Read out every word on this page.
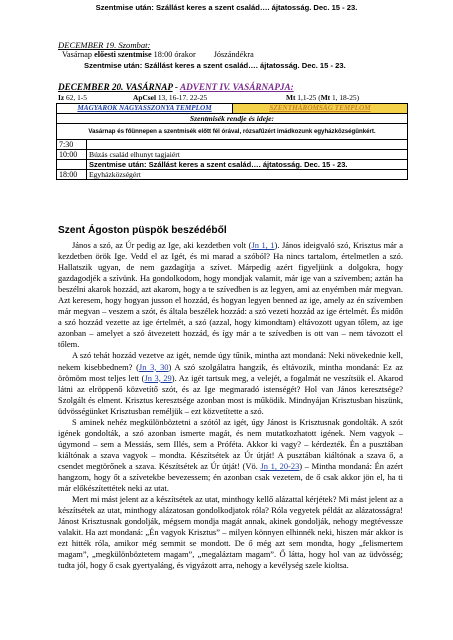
Szentmise után: Szállást keres a szent család…. ájtatosság. Dec. 15 - 23.
DECEMBER 19. Szombat:
Vasárnap előesti szentmise 18:00 órakor Jószándékra
Szentmise után: Szállást keres a szent család…. ájtatosság. Dec. 15 - 23.
DECEMBER 20. VASÁRNAP - ADVENT IV. VASÁRNAPJA:
Iz 62, 1-5	ApCsel 13, 16-17. 22-25	Mt 1,1-25 (Mt 1, 18-25)
MAGYAROK NAGYASSZONYA TEMPLOM		SZENTHÁROMSÁG TEMPLOM
Szentmisék rendje és ideje:		
Vasárnap és főünnepen a szentmisék előtt fél órával, rózsafűzért imádkozunk egyházközségünkért.		
7:30		
10:00	Búzás család elhunyt tagjaiért	
	Szentmise után: Szállást keres a szent család…. ájtatosság. Dec. 15 - 23.	
18:00	Egyházközségért	
Szent Ágoston püspök beszédéből

János a szó, az Úr pedig az Ige, aki kezdetben volt (Jn 1, 1). János ideigvaló szó, Krisztus már a kezdetben örök Ige. Vedd el az Igét, és mi marad a szóból? Ha nincs tartalom, értelmetlen a szó. Hallatszik ugyan, de nem gazdagítja a szívet. Márpedig azért figyeljünk a dolgokra, hogy gazdagodjék a szívünk. Ha gondolkodom, hogy mondjak valamit, már ige van a szívemben; aztán ha beszélni akarok hozzád, azt akarom, hogy a te szívedben is az legyen, ami az enyémben már megvan. Azt keresem, hogy hogyan jusson el hozzád, és hogyan legyen benned az ige, amely az én szívemben már megvan – veszem a szót, és általa beszélek hozzád: a szó vezeti hozzád az ige értelmét. És midőn a szó hozzád vezette az ige értelmét, a szó (azzal, hogy kimondtam) eltávozott ugyan tőlem, az ige azonban – amelyet a szó átvezetett hozzád, és így már a te szívedben is ott van – nem távozott el tőlem.

A szó tehát hozzád vezetve az igét, nemde úgy tűnik, mintha azt mondaná: Neki növekednie kell, nekem kisebbednem? (Jn 3, 30) A szó szolgálatra hangzik, és eltávozik, mintha mondaná: Ez az örömöm most teljes lett (Jn 3, 29). Az igét tartsuk meg, a velejét, a fogalmát ne veszítsük el. Akarod látni az elröppenő közvetítő szót, és az Ige megmaradó istenségét? Hol van János keresztsége? Szolgált és elment. Krisztus keresztsége azonban most is működik. Mindnyájan Krisztusban hiszünk, üdvösségünket Krisztusban reméljük – ezt közvetítette a szó.

S aminek nehéz megkülönböztetni a szótól az igét, úgy Jánost is Krisztusnak gondolták. A szót igének gondolták, a szó azonban ismerte magát, és nem mutatkozhatott igének. Nem vagyok – úgymond – sem a Messiás, sem Illés, sem a Próféta. Akkor ki vagy? – kérdezték. Én a pusztában kiáltónak a szava vagyok – mondta. Készítsétek az Úr útját! A pusztában kiáltónak a szava ő, a csendet megtörőnek a szava. Készítsétek az Úr útját! (Vö. Jn 1, 20-23) – Mintha mondaná: Én azért hangzom, hogy őt a szívetekbe bevezessem; én azonban csak vezetem, de ő csak akkor jön el, ha ti már előkészítettétek neki az utat.

Mert mi mást jelent az a készítsétek az utat, minthogy kellő alázattal kérjétek? Mi mást jelent az a készítsétek az utat, minthogy alázatosan gondolkodjatok róla? Róla vegyetek példát az alázatosságra! Jánost Krisztusnak gondolják, mégsem mondja magát annak, akinek gondolják, nehogy megtévessze valakit. Ha azt mondaná: „Én vagyok Krisztus” – milyen könnyen elhinnék neki, hiszen már akkor is ezt hitték róla, amikor még semmit se mondott. De ő még azt sem mondta, hogy „felismertem magam”, „megkülönböztetem magam”, „megaláztam magam”. Ő látta, hogy hol van az üdvösség; tudta jól, hogy ő csak gyertyaláng, és vigyázott arra, nehogy a kevélység szele kioltsa.
